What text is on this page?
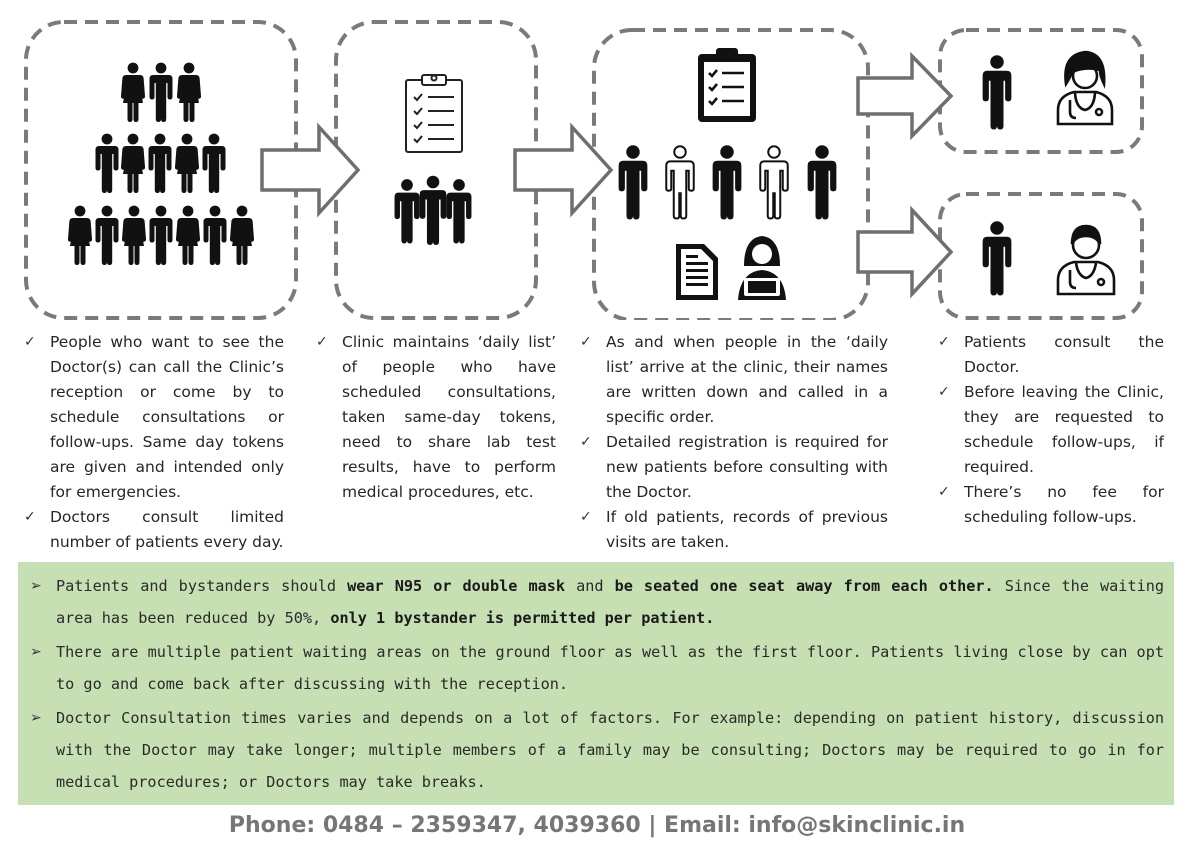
✓ People who want to see the Doctor(s) can call the Clinic’s reception or come by to schedule consultations or follow-ups. Same day tokens are given and intended only for emergencies.
✓ Doctors consult limited number of patients every day.
✓ Clinic maintains ‘daily list’ of people who have scheduled consultations, taken same-day tokens, need to share lab test results, have to perform medical procedures, etc.
✓ As and when people in the ‘daily list’ arrive at the clinic, their names are written down and called in a specific order.
✓ Detailed registration is required for new patients before consulting with the Doctor.
✓ If old patients, records of previous visits are taken.
✓ Patients consult the Doctor.
✓ Before leaving the Clinic, they are requested to schedule follow-ups, if required.
✓ There’s no fee for scheduling follow-ups.
➢ Patients and bystanders should wear N95 or double mask and be seated one seat away from each other. Since the waiting area has been reduced by 50%, only 1 bystander is permitted per patient.
➢ There are multiple patient waiting areas on the ground floor as well as the first floor. Patients living close by can opt to go and come back after discussing with the reception.
➢ Doctor Consultation times varies and depends on a lot of factors. For example: depending on patient history, discussion with the Doctor may take longer; multiple members of a family may be consulting; Doctors may be required to go in for medical procedures; or Doctors may take breaks.
Phone: 0484 – 2359347, 4039360 | Email: info@skinclinic.in
